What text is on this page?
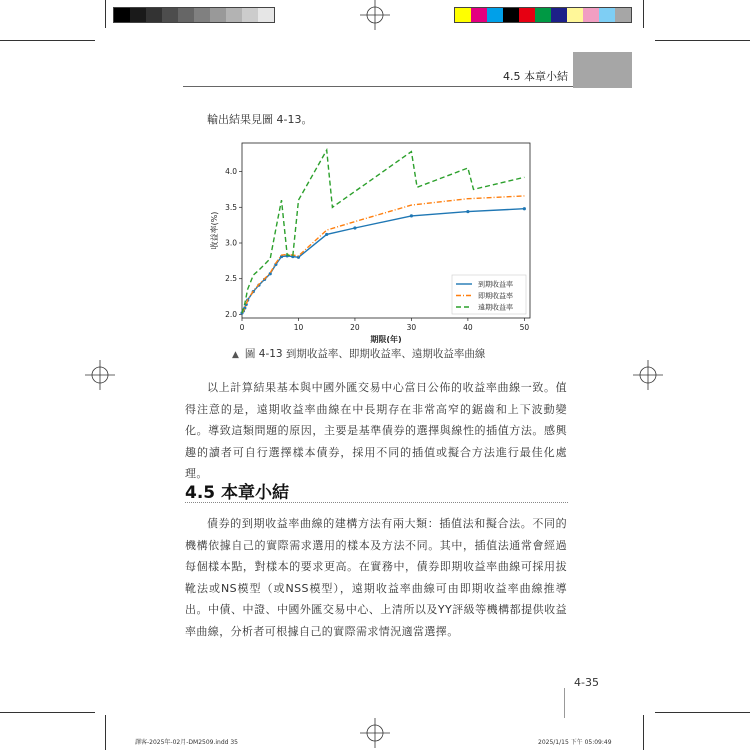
4.5 本章小結
輸出結果見圖 4-13。
0	10	20	30	40	50
2.0
2.5
3.0
3.5
4.0
期限(年)
收益率(%)
到期收益率
即期收益率
遠期收益率
▲ 圖 4-13 到期收益率、即期收益率、遠期收益率曲線

以上計算結果基本與中國外匯交易中心當日公佈的收益率曲線一致。值得注意的是，遠期收益率曲線在中長期存在非常高窄的鋸齒和上下波動變化。導致這類問題的原因，主要是基準債券的選擇與線性的插值方法。感興趣的讀者可自行選擇樣本債券，採用不同的插值或擬合方法進行最佳化處理。

4.5 本章小結

債券的到期收益率曲線的建構方法有兩大類：插值法和擬合法。不同的機構依據自己的實際需求選用的樣本及方法不同。其中，插值法通常會經過每個樣本點，對樣本的要求更高。在實務中，債券即期收益率曲線可採用拔靴法或NS模型（或NSS模型），遠期收益率曲線可由即期收益率曲線推導出。中債、中證、中國外匯交易中心、上清所以及YY評級等機構都提供收益率曲線，分析者可根據自己的實際需求情況適當選擇。

4-35
譯客-2025年-02月-DM2509.indd 35	2025/1/15 下午 05:09:49
